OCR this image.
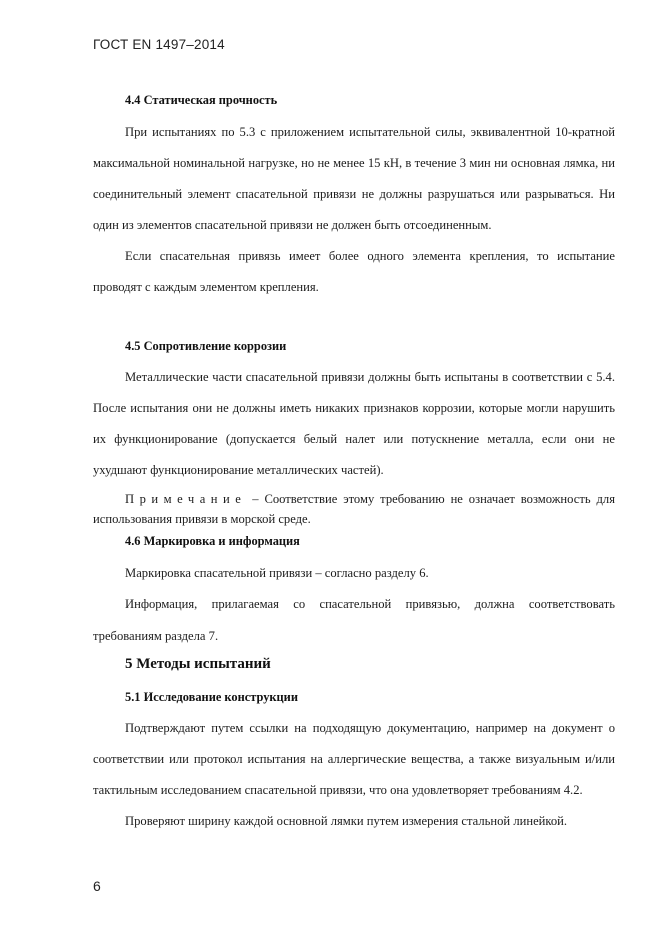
ГОСТ EN 1497–2014
4.4 Статическая прочность

При испытаниях по 5.3 с приложением испытательной силы, эквивалентной 10-кратной максимальной номинальной нагрузке, но не менее 15 кН, в течение 3 мин ни основная лямка, ни соединительный элемент спасательной привязи не должны разрушаться или разрываться. Ни один из элементов спасательной привязи не должен быть отсоединенным.

Если спасательная привязь имеет более одного элемента крепления, то испытание проводят с каждым элементом крепления.

4.5 Сопротивление коррозии

Металлические части спасательной привязи должны быть испытаны в соответствии с 5.4. После испытания они не должны иметь никаких признаков коррозии, которые могли нарушить их функционирование (допускается белый налет или потускнение металла, если они не ухудшают функционирование металлических частей).

Примечание – Соответствие этому требованию не означает возможность для использования привязи в морской среде.

4.6 Маркировка и информация

Маркировка спасательной привязи – согласно разделу 6.

Информация, прилагаемая со спасательной привязью, должна соответствовать требованиям раздела 7.

5 Методы испытаний
5.1 Исследование конструкции

Подтверждают путем ссылки на подходящую документацию, например на документ о соответствии или протокол испытания на аллергические вещества, а также визуальным и/или тактильным исследованием спасательной привязи, что она удовлетворяет требованиям 4.2.

Проверяют ширину каждой основной лямки путем измерения стальной линейкой.

6
